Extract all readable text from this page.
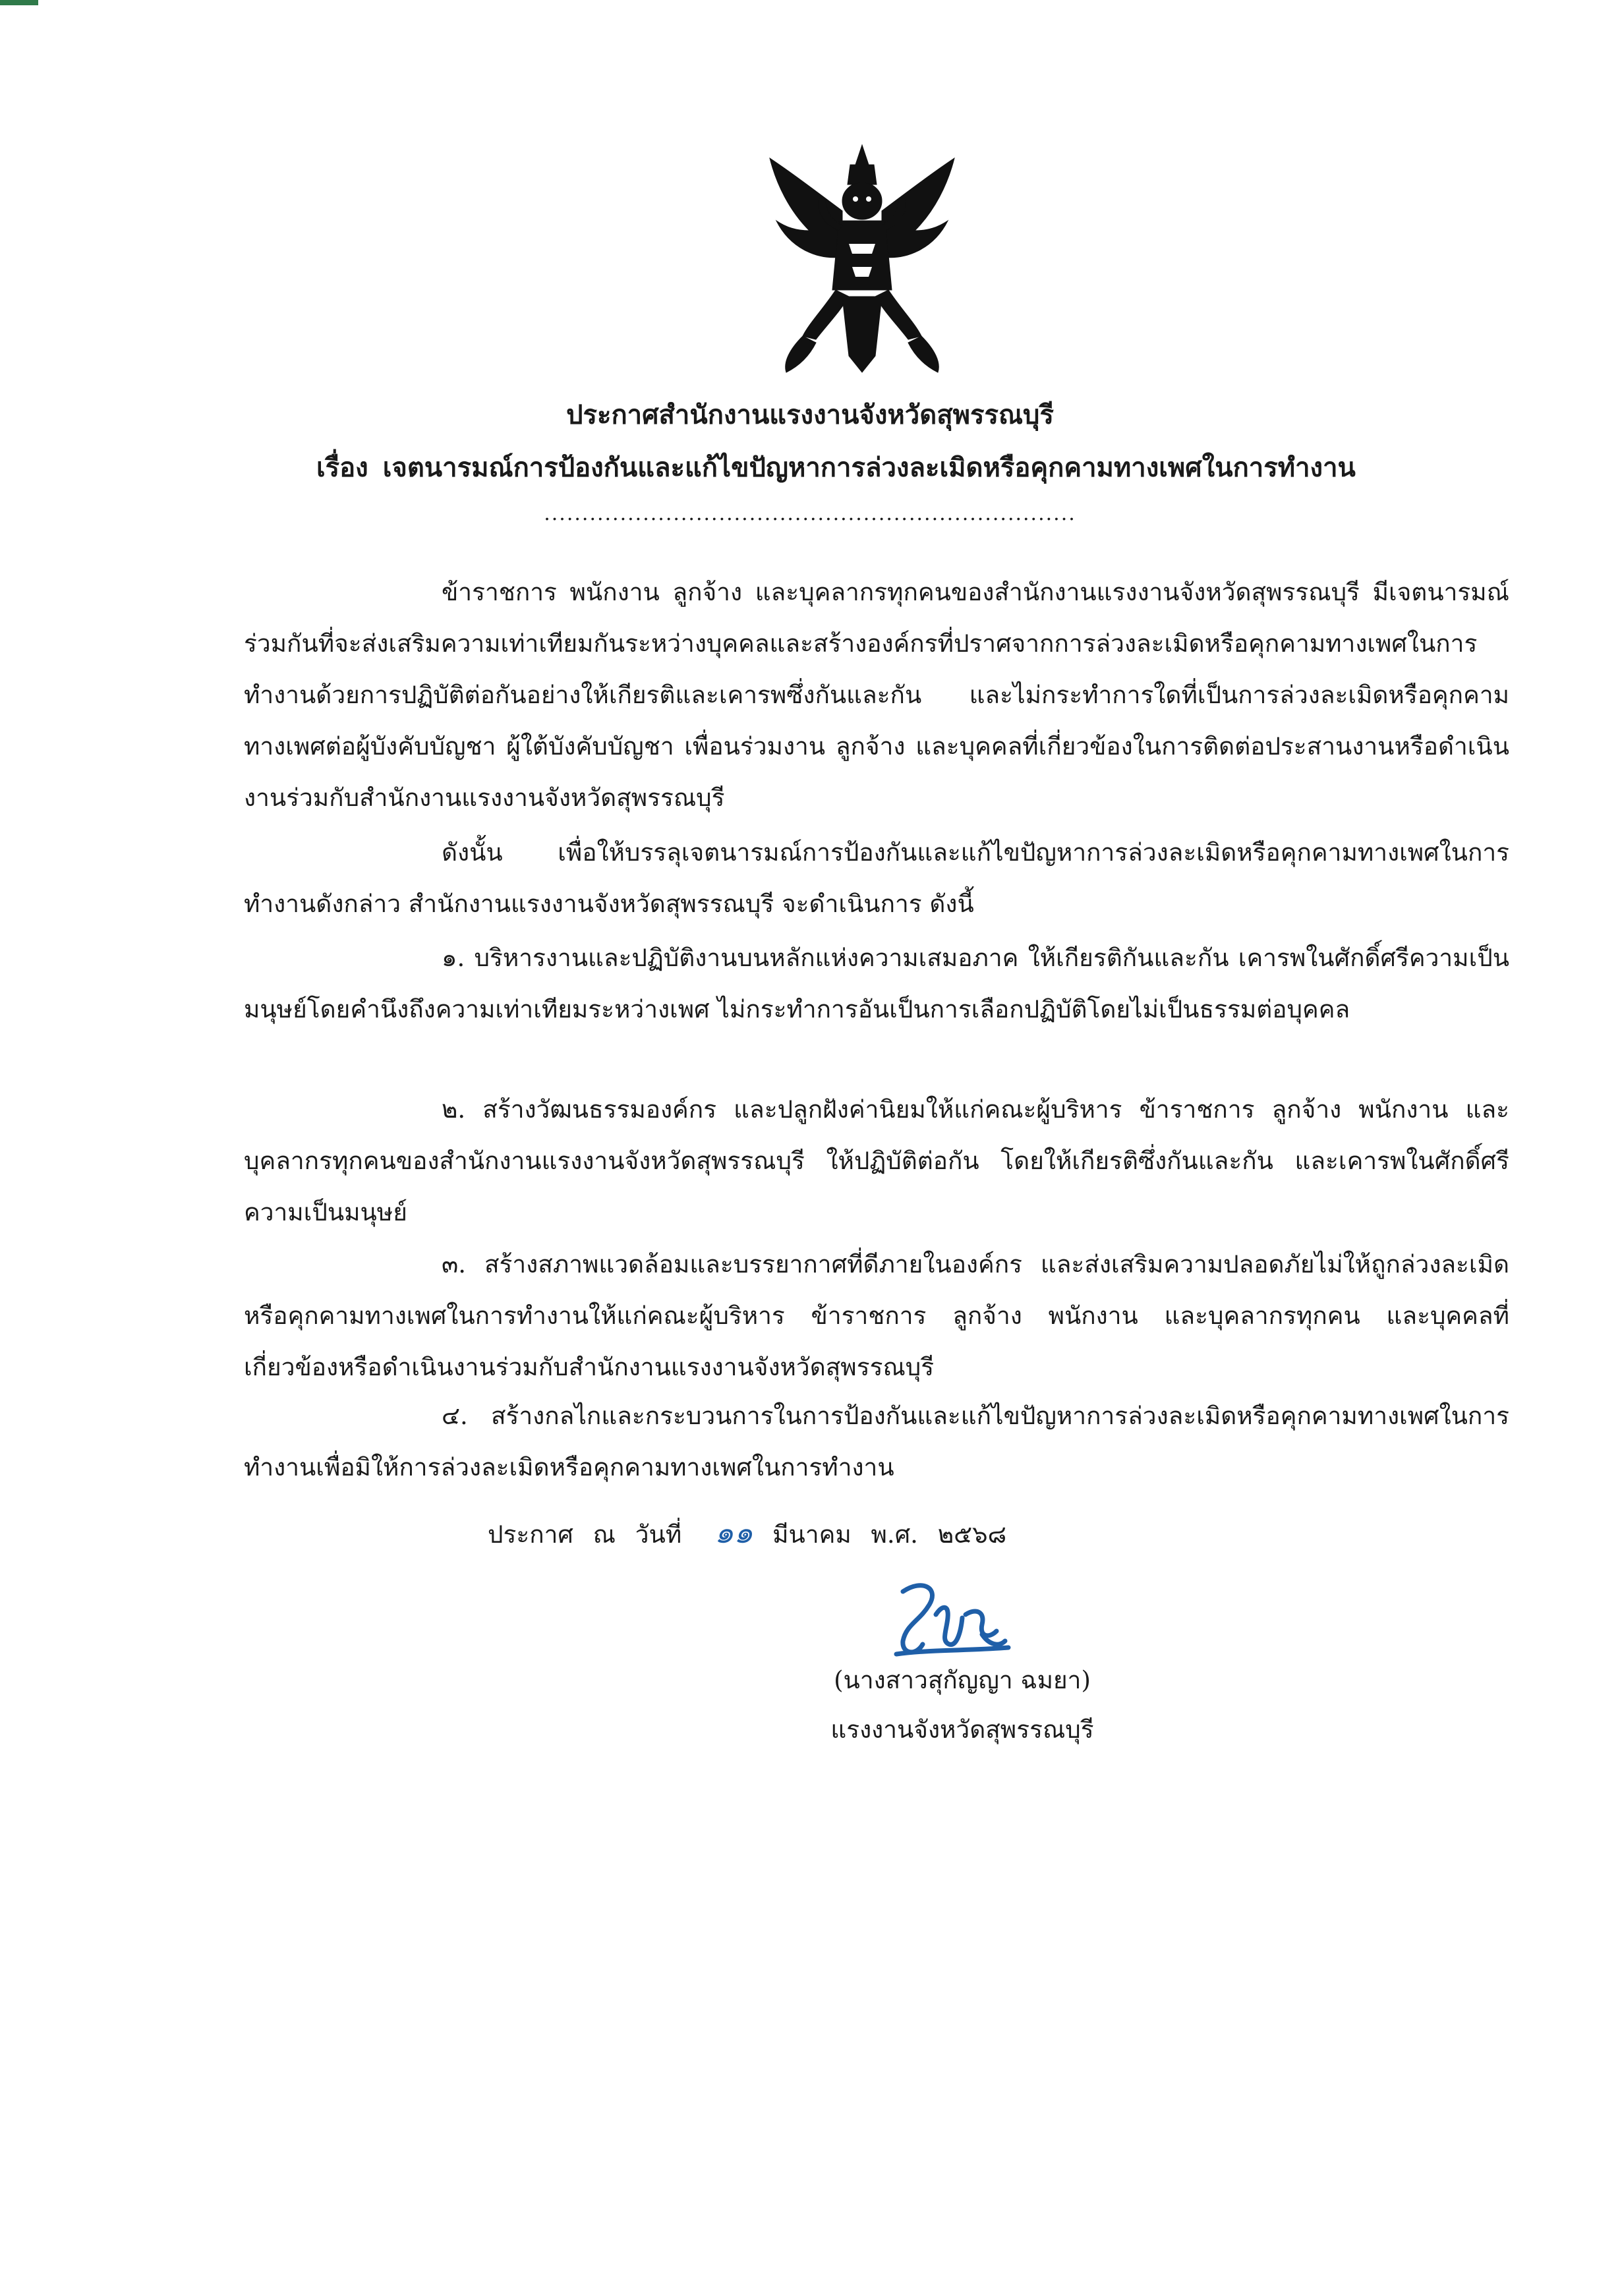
ประกาศสำนักงานแรงงานจังหวัดสุพรรณบุรี
เรื่อง เจตนารมณ์การป้องกันและแก้ไขปัญหาการล่วงละเมิดหรือคุกคามทางเพศในการทำงาน
......................................................................

ข้าราชการ พนักงาน ลูกจ้าง และบุคลากรทุกคนของสำนักงานแรงงานจังหวัดสุพรรณบุรี มีเจตนารมณ์ร่วมกันที่จะส่งเสริมความเท่าเทียมกันระหว่างบุคคลและสร้างองค์กรที่ปราศจากการล่วงละเมิดหรือคุกคามทางเพศในการทำงานด้วยการปฏิบัติต่อกันอย่างให้เกียรติและเคารพซึ่งกันและกัน และไม่กระทำการใดที่เป็นการล่วงละเมิดหรือคุกคามทางเพศต่อผู้บังคับบัญชา ผู้ใต้บังคับบัญชา เพื่อนร่วมงาน ลูกจ้าง และบุคคลที่เกี่ยวข้องในการติดต่อประสานงานหรือดำเนินงานร่วมกับสำนักงานแรงงานจังหวัดสุพรรณบุรี

ดังนั้น เพื่อให้บรรลุเจตนารมณ์การป้องกันและแก้ไขปัญหาการล่วงละเมิดหรือคุกคามทางเพศในการทำงานดังกล่าว สำนักงานแรงงานจังหวัดสุพรรณบุรี จะดำเนินการ ดังนี้

๑. บริหารงานและปฏิบัติงานบนหลักแห่งความเสมอภาค ให้เกียรติกันและกัน เคารพในศักดิ์ศรีความเป็นมนุษย์โดยคำนึงถึงความเท่าเทียมระหว่างเพศ ไม่กระทำการอันเป็นการเลือกปฏิบัติโดยไม่เป็นธรรมต่อบุคคล

๒. สร้างวัฒนธรรมองค์กร และปลูกฝังค่านิยมให้แก่คณะผู้บริหาร ข้าราชการ ลูกจ้าง พนักงาน และบุคลากรทุกคนของสำนักงานแรงงานจังหวัดสุพรรณบุรี ให้ปฏิบัติต่อกัน โดยให้เกียรติซึ่งกันและกัน และเคารพในศักดิ์ศรีความเป็นมนุษย์

๓. สร้างสภาพแวดล้อมและบรรยากาศที่ดีภายในองค์กร และส่งเสริมความปลอดภัยไม่ให้ถูกล่วงละเมิดหรือคุกคามทางเพศในการทำงานให้แก่คณะผู้บริหาร ข้าราชการ ลูกจ้าง พนักงาน และบุคลากรทุกคน และบุคคลที่เกี่ยวข้องหรือดำเนินงานร่วมกับสำนักงานแรงงานจังหวัดสุพรรณบุรี

๔. สร้างกลไกและกระบวนการในการป้องกันและแก้ไขปัญหาการล่วงละเมิดหรือคุกคามทางเพศในการทำงานเพื่อมิให้การล่วงละเมิดหรือคุกคามทางเพศในการทำงาน

ประกาศ ณ วันที่ ๑๑ มีนาคม พ.ศ. ๒๕๖๘
(นางสาวสุกัญญา ฉมยา)
แรงงานจังหวัดสุพรรณบุรี
